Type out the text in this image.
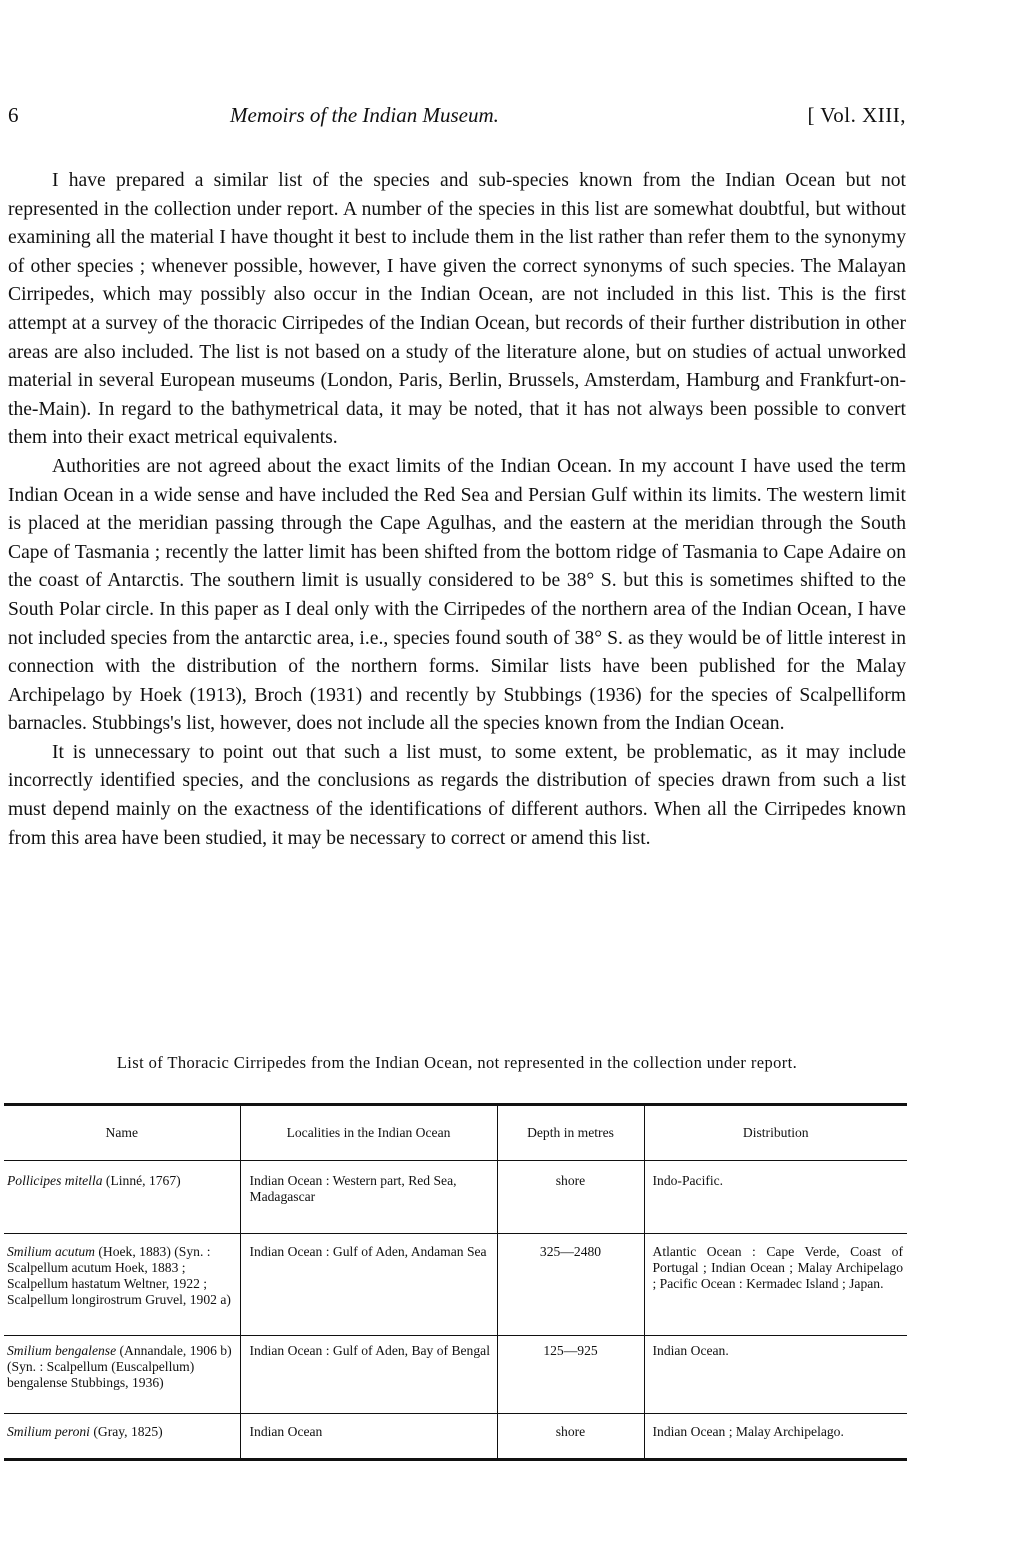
6	Memoirs of the Indian Museum.	[ Vol. XIII,

I have prepared a similar list of the species and sub-species known from the Indian Ocean but not represented in the collection under report. A number of the species in this list are somewhat doubtful, but without examining all the material I have thought it best to include them in the list rather than refer them to the synonymy of other species ; whenever possible, however, I have given the correct synonyms of such species. The Malayan Cirripedes, which may possibly also occur in the Indian Ocean, are not included in this list. This is the first attempt at a survey of the thoracic Cirripedes of the Indian Ocean, but records of their further distribution in other areas are also included. The list is not based on a study of the literature alone, but on studies of actual unworked material in several European museums (London, Paris, Berlin, Brussels, Amsterdam, Hamburg and Frankfurt-on-the-Main). In regard to the bathymetrical data, it may be noted, that it has not always been possible to convert them into their exact metrical equivalents.

Authorities are not agreed about the exact limits of the Indian Ocean. In my account I have used the term Indian Ocean in a wide sense and have included the Red Sea and Persian Gulf within its limits. The western limit is placed at the meridian passing through the Cape Agulhas, and the eastern at the meridian through the South Cape of Tasmania ; recently the latter limit has been shifted from the bottom ridge of Tasmania to Cape Adaire on the coast of Antarctis. The southern limit is usually considered to be 38° S. but this is sometimes shifted to the South Polar circle. In this paper as I deal only with the Cirripedes of the northern area of the Indian Ocean, I have not included species from the antarctic area, i.e., species found south of 38° S. as they would be of little interest in connection with the distribution of the northern forms. Similar lists have been published for the Malay Archipelago by Hoek (1913), Broch (1931) and recently by Stubbings (1936) for the species of Scalpelliform barnacles. Stubbings's list, however, does not include all the species known from the Indian Ocean.

It is unnecessary to point out that such a list must, to some extent, be problematic, as it may include incorrectly identified species, and the conclusions as regards the distribution of species drawn from such a list must depend mainly on the exactness of the identifications of different authors. When all the Cirripedes known from this area have been studied, it may be necessary to correct or amend this list.

List of Thoracic Cirripedes from the Indian Ocean, not represented in the collection under report.
Name	Localities in the Indian Ocean	Depth in metres	Distribution
Pollicipes mitella (Linné, 1767)	Indian Ocean : Western part, Red Sea, Madagascar	shore	Indo-Pacific.
Smilium acutum (Hoek, 1883) (Syn. : Scalpellum acutum Hoek, 1883 ; Scalpellum hastatum Weltner, 1922 ; Scalpellum longirostrum Gruvel, 1902 a)	Indian Ocean : Gulf of Aden, Andaman Sea	325—2480	Atlantic Ocean : Cape Verde, Coast of Portugal ; Indian Ocean ; Malay Archipelago ; Pacific Ocean : Kermadec Island ; Japan.
Smilium bengalense (Annandale, 1906 b) (Syn. : Scalpellum (Euscalpellum) bengalense Stubbings, 1936)	Indian Ocean : Gulf of Aden, Bay of Bengal	125—925	Indian Ocean.
Smilium peroni (Gray, 1825)	Indian Ocean	shore	Indian Ocean ; Malay Archipelago.
